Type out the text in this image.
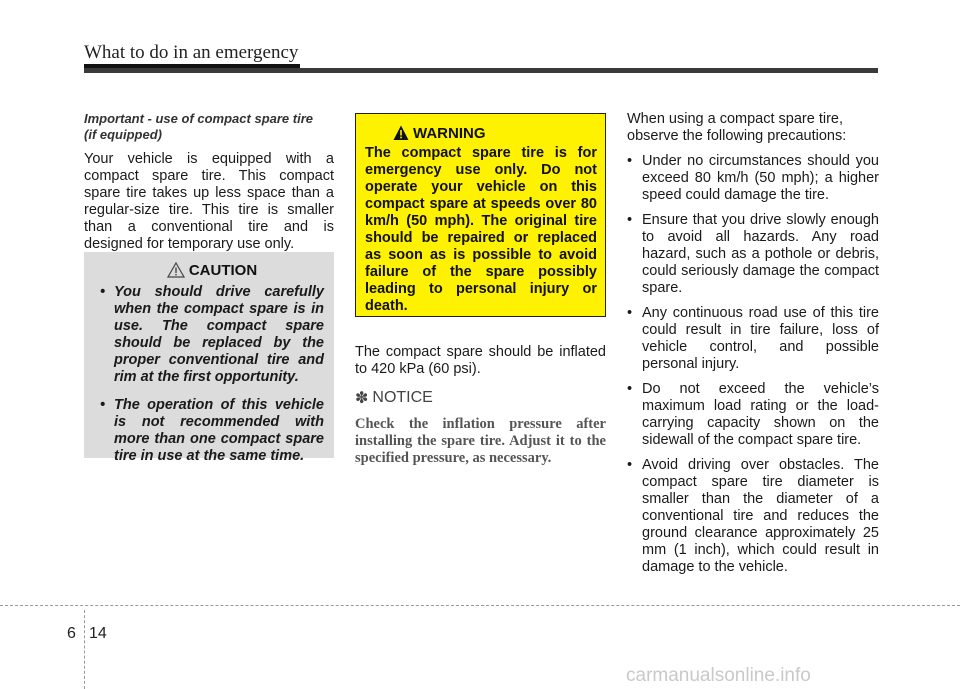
What to do in an emergency
Important - use of compact spare tire
(if equipped)
Your vehicle is equipped with a compact spare tire. This compact spare tire takes up less space than a regular-size tire. This tire is smaller than a conventional tire and is designed for temporary use only.
CAUTION
• You should drive carefully when the compact spare is in use. The compact spare should be replaced by the proper conventional tire and rim at the first opportunity.
• The operation of this vehicle is not recommended with more than one compact spare tire in use at the same time.
WARNING
The compact spare tire is for emergency use only. Do not operate your vehicle on this compact spare at speeds over 80 km/h (50 mph). The original tire should be repaired or replaced as soon as is possible to avoid failure of the spare possibly leading to personal injury or death.
The compact spare should be inflated to 420 kPa (60 psi).
✽ NOTICE
Check the inflation pressure after installing the spare tire. Adjust it to the specified pressure, as necessary.
When using a compact spare tire, observe the following precautions:
• Under no circumstances should you exceed 80 km/h (50 mph); a higher speed could damage the tire.
• Ensure that you drive slowly enough to avoid all hazards. Any road hazard, such as a pothole or debris, could seriously damage the compact spare.
• Any continuous road use of this tire could result in tire failure, loss of vehicle control, and possible personal injury.
• Do not exceed the vehicle’s maximum load rating or the load-carrying capacity shown on the sidewall of the compact spare tire.
• Avoid driving over obstacles. The compact spare tire diameter is smaller than the diameter of a conventional tire and reduces the ground clearance approximately 25 mm (1 inch), which could result in damage to the vehicle.
6 14
carmanualsonline.info
